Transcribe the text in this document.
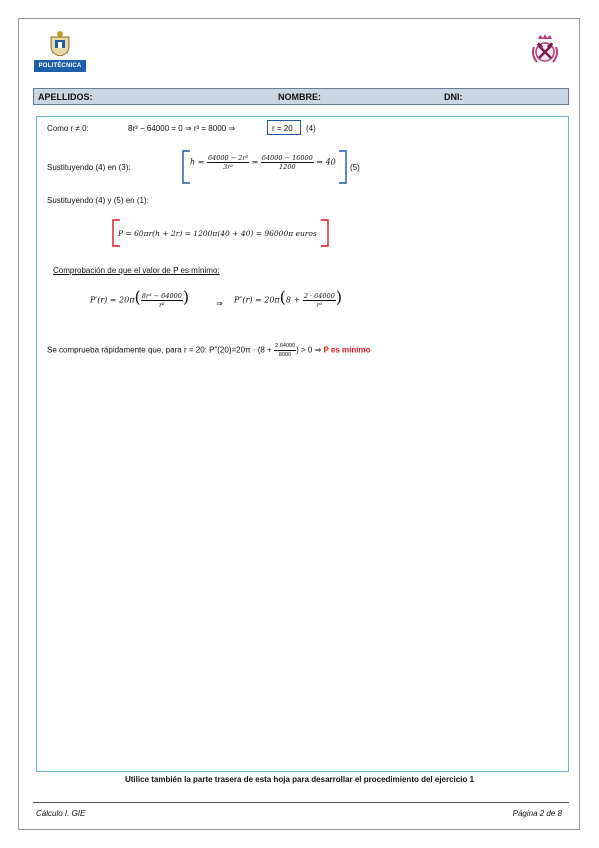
POLITÉCNICA
APELLIDOS:	NOMBRE:	DNI:
Como r ≠ 0:	8r³ − 64000 = 0 ⇒ r³ = 8000 ⇒	r = 20 (4)
Sustituyendo (4) en (3):
$h = \frac{\text{64000 − 2r³}}{\text{3r²}} = \frac{64000 - 16000}{1200} = 40$
(5)
Sustituyendo (4) y (5) en (1):
P = 60πr(h + 2r) = 1200π(40 + 40) = 96000π euros
Comprobación de que el valor de P es mínimo:
$P'(r) = 20\pi( \frac{\text{8r³ − 64000}}{\text{r²}}$ )	⇒ $P''(r) = 20\pi(8 + \frac{2 \cdot 64000}{\text{r³}}$ )
Se comprueba rápidamente que, para r = 20: $P''(20)=20\pi \cdot (8 + \frac{2\cdot 64000}{8000}$ ) > 0 ⇒ P es mínimo
Utilice también la parte trasera de esta hoja para desarrollar el procedimiento del ejercicio 1
Cálculo I. GIE	Página 2 de 8
